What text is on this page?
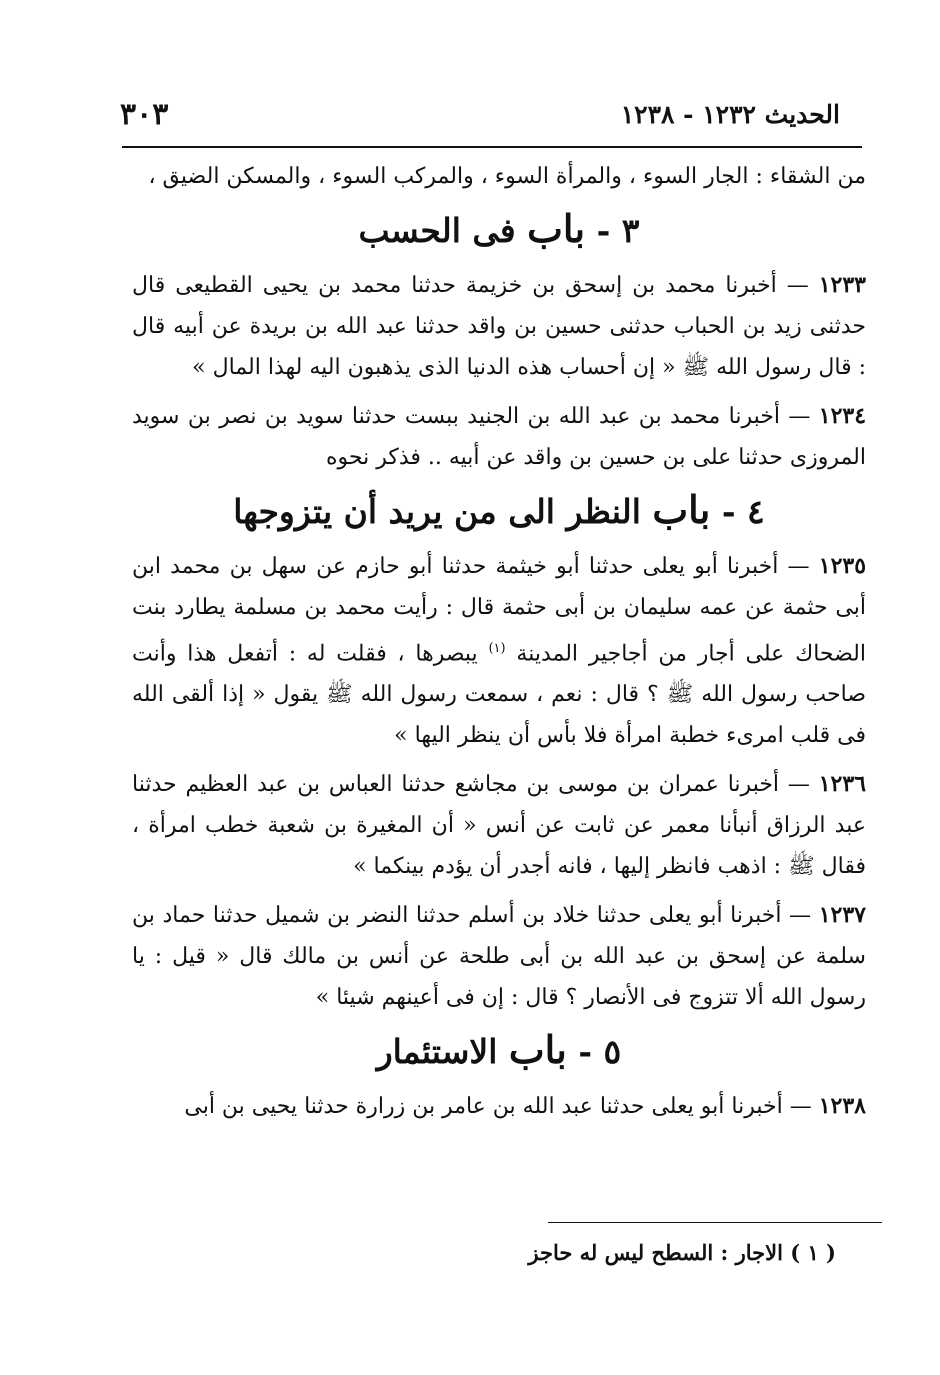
الحديث ١٢٣٢ - ١٢٣٨
٣٠٣

من الشقاء : الجار السوء ، والمرأة السوء ، والمركب السوء ، والمسكن الضيق ،

٣ - باب فى الحسب

١٢٣٣ — أخبرنا محمد بن إسحق بن خزيمة حدثنا محمد بن يحيى القطيعى قال حدثنى زيد بن الحباب حدثنى حسين بن واقد حدثنا عبد الله بن بريدة عن أبيه قال : قال رسول الله ﷺ « إن أحساب هذه الدنيا الذى يذهبون اليه لهذا المال »

١٢٣٤ — أخبرنا محمد بن عبد الله بن الجنيد ببست حدثنا سويد بن نصر بن سويد المروزى حدثنا على بن حسين بن واقد عن أبيه .. فذكر نحوه

٤ - باب النظر الى من يريد أن يتزوجها

١٢٣٥ — أخبرنا أبو يعلى حدثنا أبو خيثمة حدثنا أبو حازم عن سهل بن محمد ابن أبى حثمة عن عمه سليمان بن أبى حثمة قال : رأيت محمد بن مسلمة يطارد بنت الضحاك على أجار من أجاجير المدينة $^{(١)}$ يبصرها ، فقلت له : أتفعل هذا وأنت صاحب رسول الله ﷺ ؟ قال : نعم ، سمعت رسول الله ﷺ يقول « إذا ألقى الله فى قلب امرىء خطبة امرأة فلا بأس أن ينظر اليها »

١٢٣٦ — أخبرنا عمران بن موسى بن مجاشع حدثنا العباس بن عبد العظيم حدثنا عبد الرزاق أنبأنا معمر عن ثابت عن أنس « أن المغيرة بن شعبة خطب امرأة ، فقال ﷺ : اذهب فانظر إليها ، فانه أجدر أن يؤدم بينكما »

١٢٣٧ — أخبرنا أبو يعلى حدثنا خلاد بن أسلم حدثنا النضر بن شميل حدثنا حماد بن سلمة عن إسحق بن عبد الله بن أبى طلحة عن أنس بن مالك قال « قيل : يا رسول الله ألا تتزوج فى الأنصار ؟ قال : إن فى أعينهم شيئا »

٥ - باب الاستئمار

١٢٣٨ — أخبرنا أبو يعلى حدثنا عبد الله بن عامر بن زرارة حدثنا يحيى بن أبى

( ١ ) الاجار : السطح ليس له حاجز
